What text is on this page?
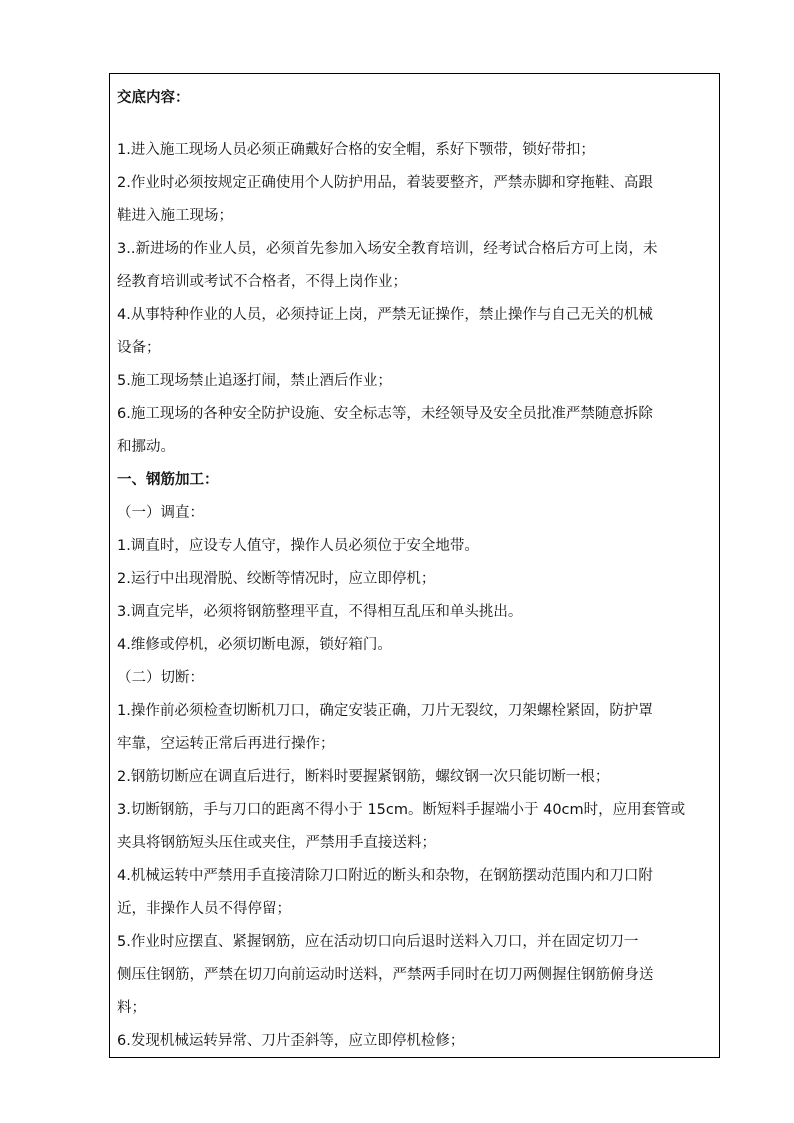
交底内容：
1.进入施工现场人员必须正确戴好合格的安全帽，系好下颚带，锁好带扣；
2.作业时必须按规定正确使用个人防护用品，着装要整齐，严禁赤脚和穿拖鞋、高跟
鞋进入施工现场；
3..新进场的作业人员，必须首先参加入场安全教育培训，经考试合格后方可上岗，未
经教育培训或考试不合格者，不得上岗作业；
4.从事特种作业的人员，必须持证上岗，严禁无证操作，禁止操作与自己无关的机械
设备；
5.施工现场禁止追逐打闹，禁止酒后作业；
6.施工现场的各种安全防护设施、安全标志等，未经领导及安全员批准严禁随意拆除
和挪动。
一、钢筋加工：
（一）调直：
1.调直时，应设专人值守，操作人员必须位于安全地带。
2.运行中出现滑脱、绞断等情况时，应立即停机；
3.调直完毕，必须将钢筋整理平直，不得相互乱压和单头挑出。
4.维修或停机，必须切断电源，锁好箱门。
（二）切断：
1.操作前必须检查切断机刀口，确定安装正确，刀片无裂纹，刀架螺栓紧固，防护罩
牢靠，空运转正常后再进行操作；
2.钢筋切断应在调直后进行，断料时要握紧钢筋，螺纹钢一次只能切断一根；
3.切断钢筋，手与刀口的距离不得小于 15cm。断短料手握端小于 40cm时，应用套管或
夹具将钢筋短头压住或夹住，严禁用手直接送料；
4.机械运转中严禁用手直接清除刀口附近的断头和杂物，在钢筋摆动范围内和刀口附
近，非操作人员不得停留；
5.作业时应摆直、紧握钢筋，应在活动切口向后退时送料入刀口，并在固定切刀一
侧压住钢筋，严禁在切刀向前运动时送料，严禁两手同时在切刀两侧握住钢筋俯身送
料；
6.发现机械运转异常、刀片歪斜等，应立即停机检修；
